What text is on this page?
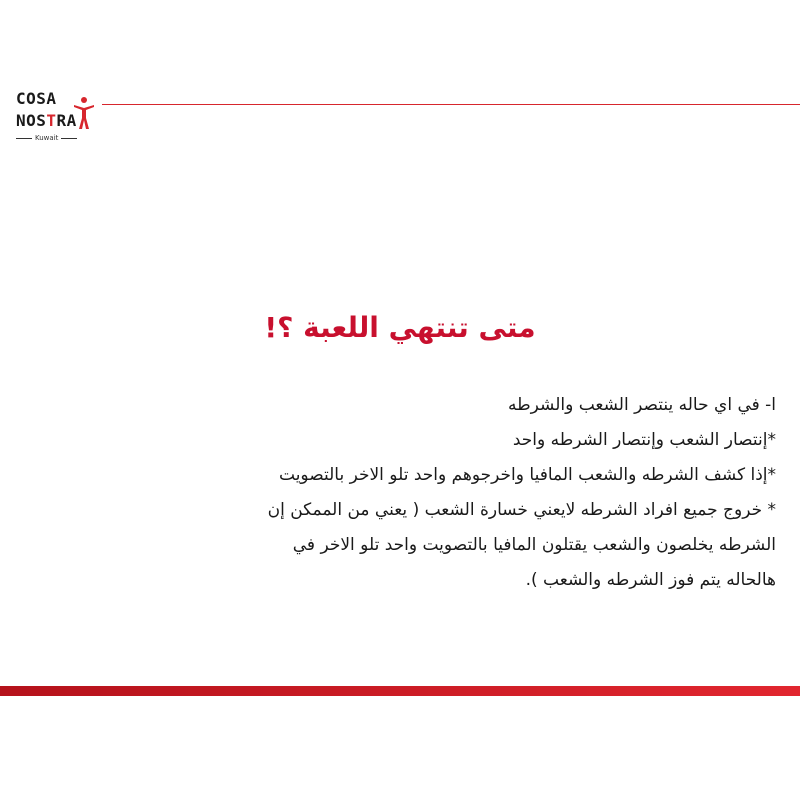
COSA
NOSTRA
Kuwait
متى تنتهي اللعبة ؟!

ا- في اي حاله ينتصر الشعب والشرطه

*إنتصار الشعب وإنتصار الشرطه واحد

*إذا كشف الشرطه والشعب المافيا واخرجوهم واحد تلو الاخر بالتصويت

* خروج جميع افراد الشرطه لايعني خسارة الشعب ( يعني من الممكن إن

الشرطه يخلصون والشعب يقتلون المافيا بالتصويت واحد تلو الاخر في

هالحاله يتم فوز الشرطه والشعب ).
